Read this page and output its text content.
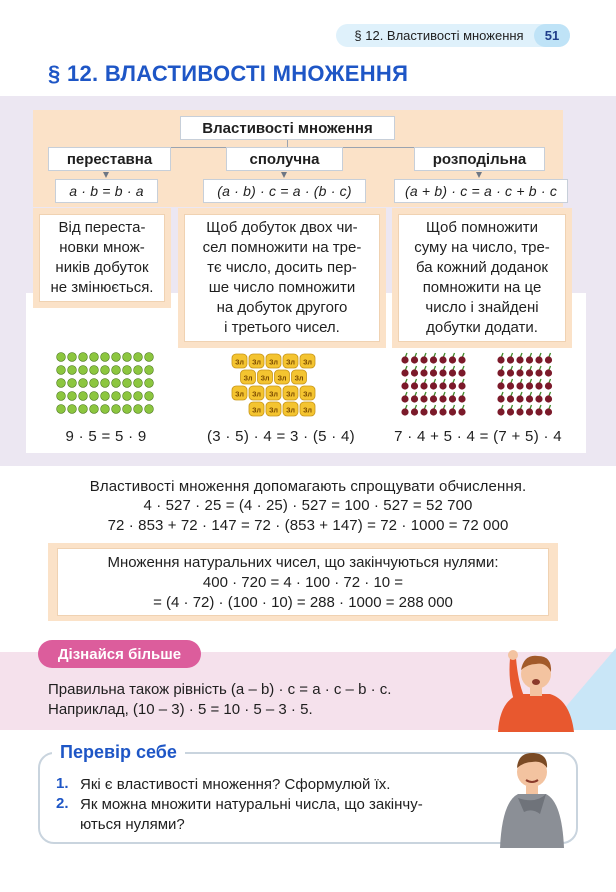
§ 12. Властивості множення	51
§ 12. ВЛАСТИВОСТІ МНОЖЕННЯ
Властивості множення
переставна	сполучна	розподільна
a · b = b · a	(a · b) · c = a · (b · c)	(a + b) · c = a · c + b · c
Від переста-
новки множ-
ників добуток
не змінюється.
Щоб добуток двох чи-
сел помножити на тре-
тє число, досить пер-
ше число помножити
на добуток другого
і третього чисел.
Щоб помножити
суму на число, тре-
ба кожний доданок
помножити на це
число і знайдені
добутки додати.
Зл Зл Зл Зл Зл
Зл Зл Зл Зл
Зл Зл Зл Зл Зл
Зл Зл Зл Зл
9 · 5 = 5 · 9	(3 · 5) · 4 = 3 · (5 · 4)	7 · 4 + 5 · 4 = (7 + 5) · 4
Властивості множення допомагають спрощувати обчислення.
4 · 527 · 25 = (4 · 25) · 527 = 100 · 527 = 52 700
72 · 853 + 72 · 147 = 72 · (853 + 147) = 72 · 1000 = 72 000
Множення натуральних чисел, що закінчуються нулями:
400 · 720 = 4 · 100 · 72 · 10 =
= (4 · 72) · (100 · 10) = 288 · 1000 = 288 000
Дізнайся більше
Правильна також рівність (a – b) · c = a · c – b · c.
Наприклад, (10 – 3) · 5 = 10 · 5 – 3 · 5.
Перевір себе
1. Які є властивості множення? Сформулюй їх.
2. Як можна множити натуральні числа, що закінчу-
ються нулями?
